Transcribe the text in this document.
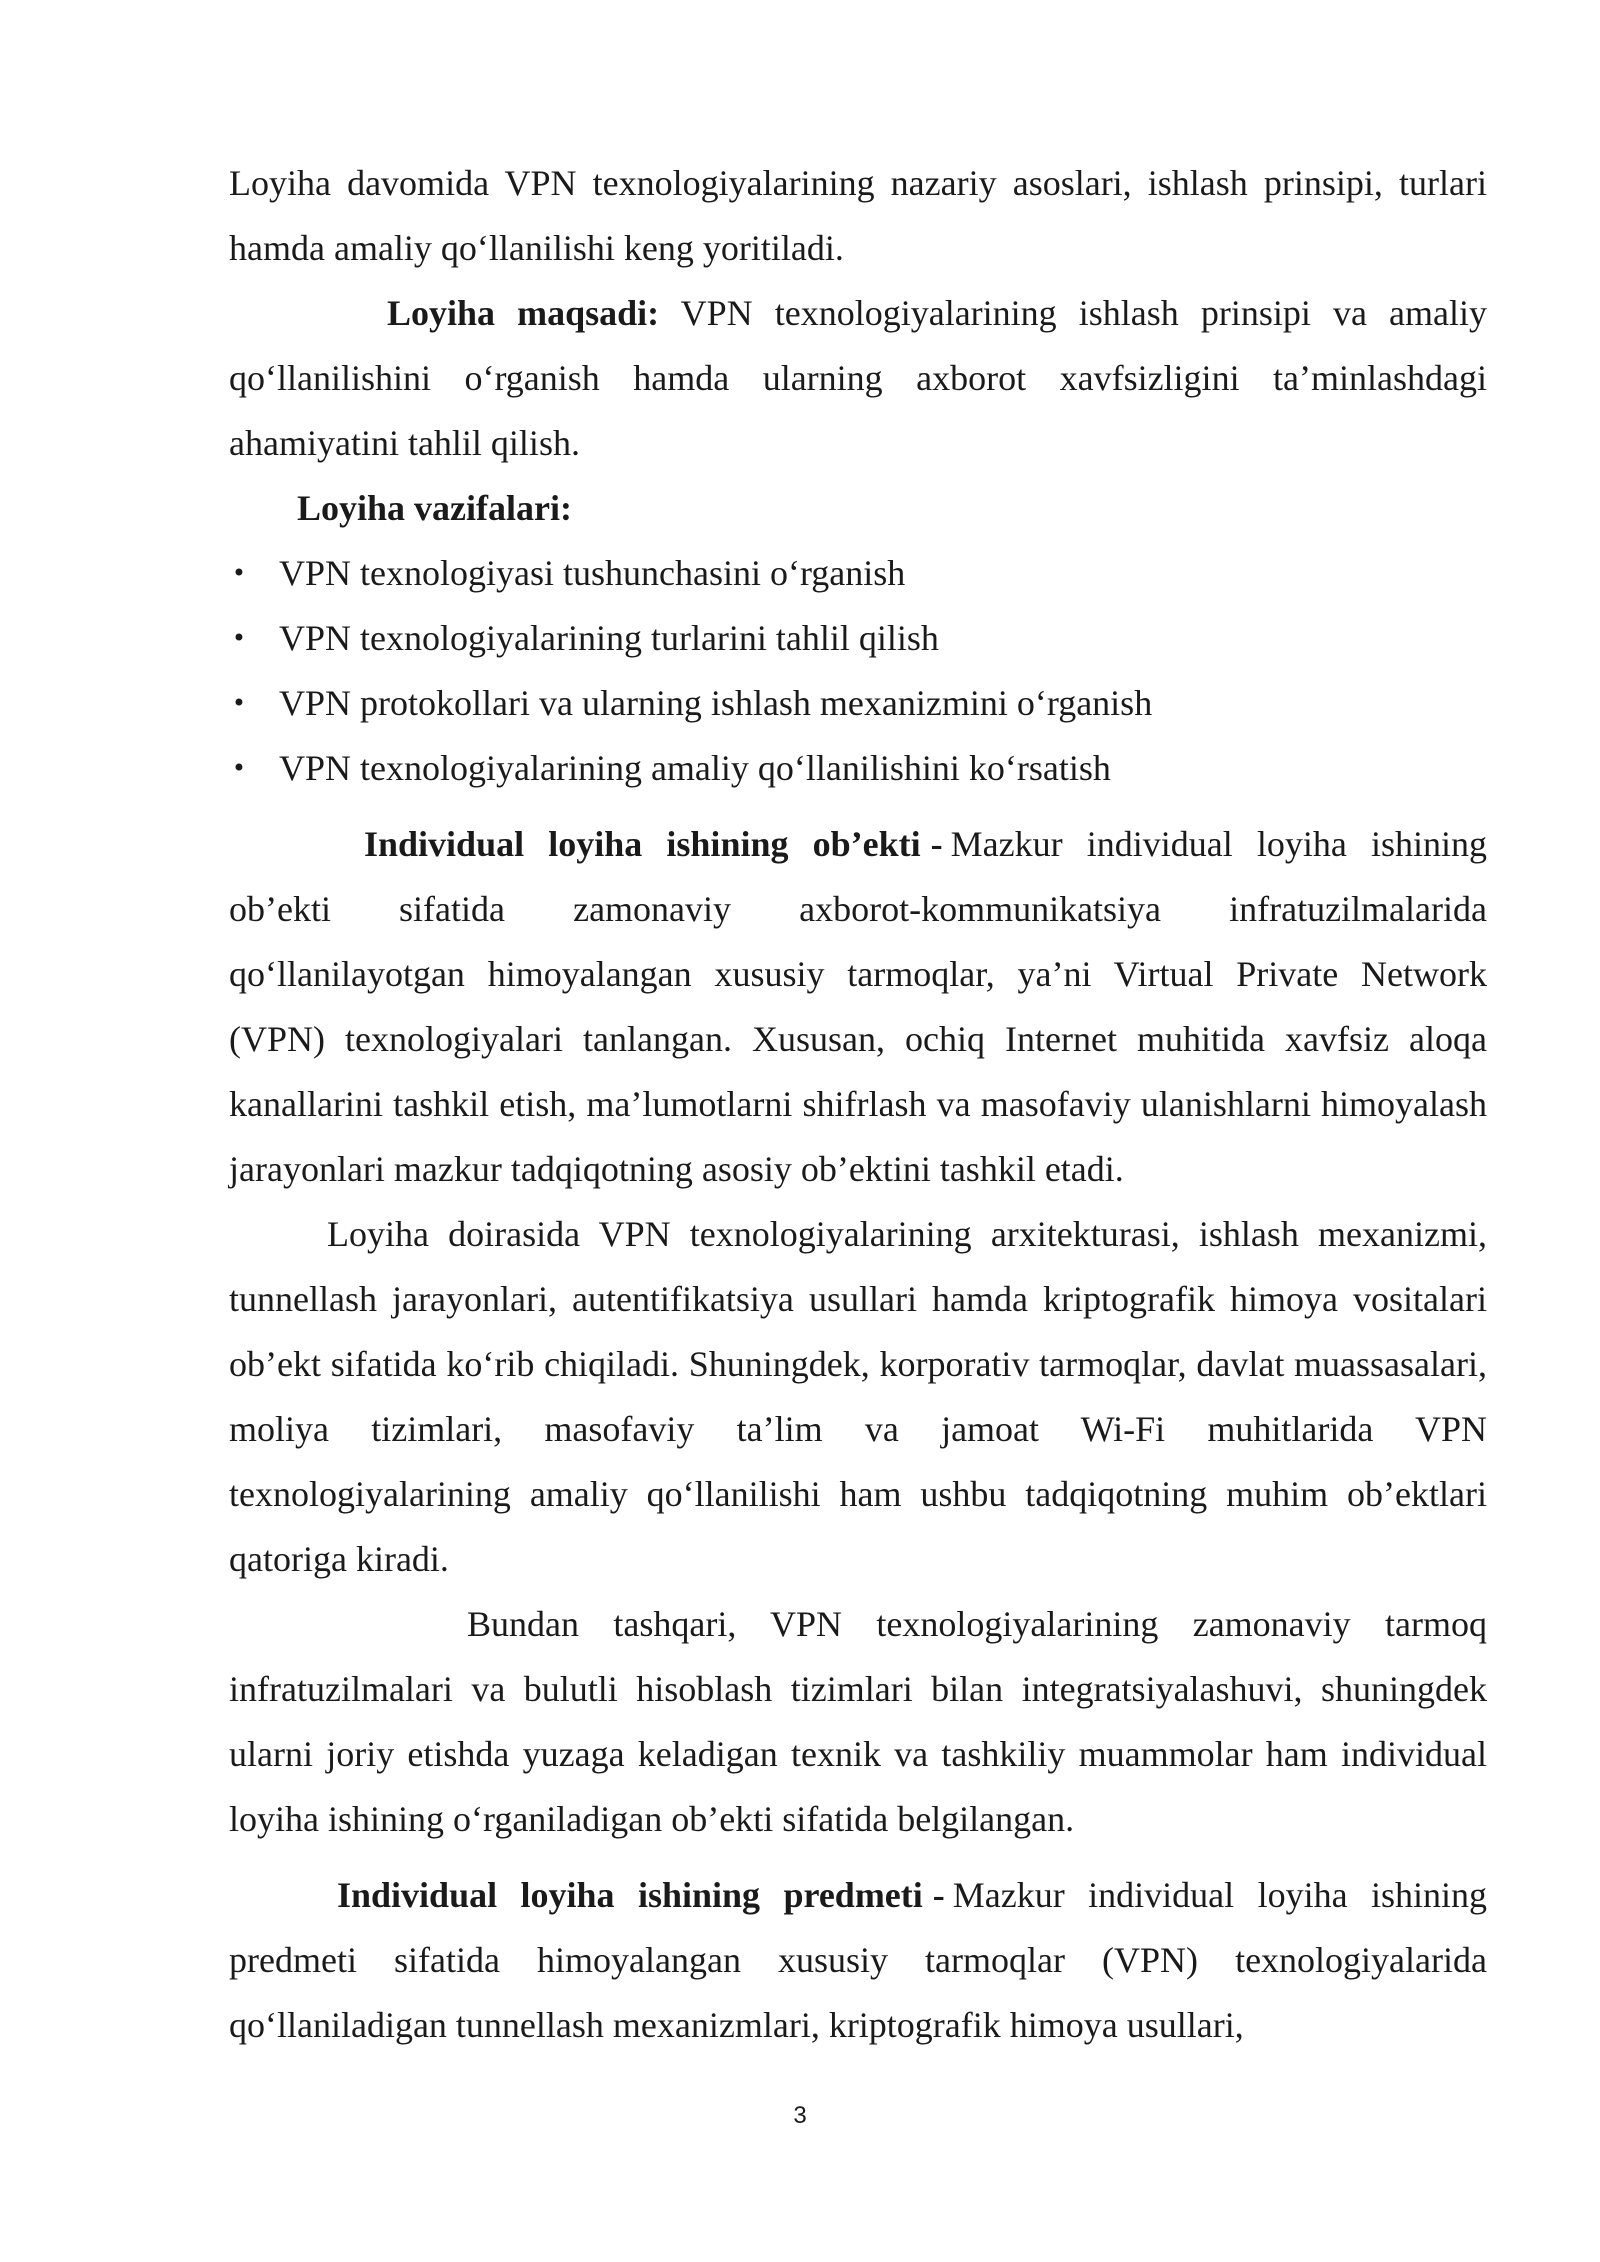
Loyiha davomida VPN texnologiyalarining nazariy asoslari, ishlash prinsipi, turlari hamda amaliy qo‘llanilishi keng yoritiladi.

Loyiha maqsadi: VPN texnologiyalarining ishlash prinsipi va amaliy qo‘llanilishini o‘rganish hamda ularning axborot xavfsizligini ta’minlashdagi ahamiyatini tahlil qilish.

Loyiha vazifalari:

• VPN texnologiyasi tushunchasini o‘rganish
• VPN texnologiyalarining turlarini tahlil qilish
• VPN protokollari va ularning ishlash mexanizmini o‘rganish
• VPN texnologiyalarining amaliy qo‘llanilishini ko‘rsatish

Individual loyiha ishining ob’ekti - Mazkur individual loyiha ishining ob’ekti sifatida zamonaviy axborot-kommunikatsiya infratuzilmalarida qo‘llanilayotgan himoyalangan xususiy tarmoqlar, ya’ni Virtual Private Network (VPN) texnologiyalari tanlangan. Xususan, ochiq Internet muhitida xavfsiz aloqa kanallarini tashkil etish, ma’lumotlarni shifrlash va masofaviy ulanishlarni himoyalash jarayonlari mazkur tadqiqotning asosiy ob’ektini tashkil etadi.

Loyiha doirasida VPN texnologiyalarining arxitekturasi, ishlash mexanizmi, tunnellash jarayonlari, autentifikatsiya usullari hamda kriptografik himoya vositalari ob’ekt sifatida ko‘rib chiqiladi. Shuningdek, korporativ tarmoqlar, davlat muassasalari, moliya tizimlari, masofaviy ta’lim va jamoat Wi-Fi muhitlarida VPN texnologiyalarining amaliy qo‘llanilishi ham ushbu tadqiqotning muhim ob’ektlari qatoriga kiradi.

Bundan tashqari, VPN texnologiyalarining zamonaviy tarmoq infratuzilmalari va bulutli hisoblash tizimlari bilan integratsiyalashuvi, shuningdek ularni joriy etishda yuzaga keladigan texnik va tashkiliy muammolar ham individual loyiha ishining o‘rganiladigan ob’ekti sifatida belgilangan.

Individual loyiha ishining predmeti - Mazkur individual loyiha ishining predmeti sifatida himoyalangan xususiy tarmoqlar (VPN) texnologiyalarida qo‘llaniladigan tunnellash mexanizmlari, kriptografik himoya usullari,

3
